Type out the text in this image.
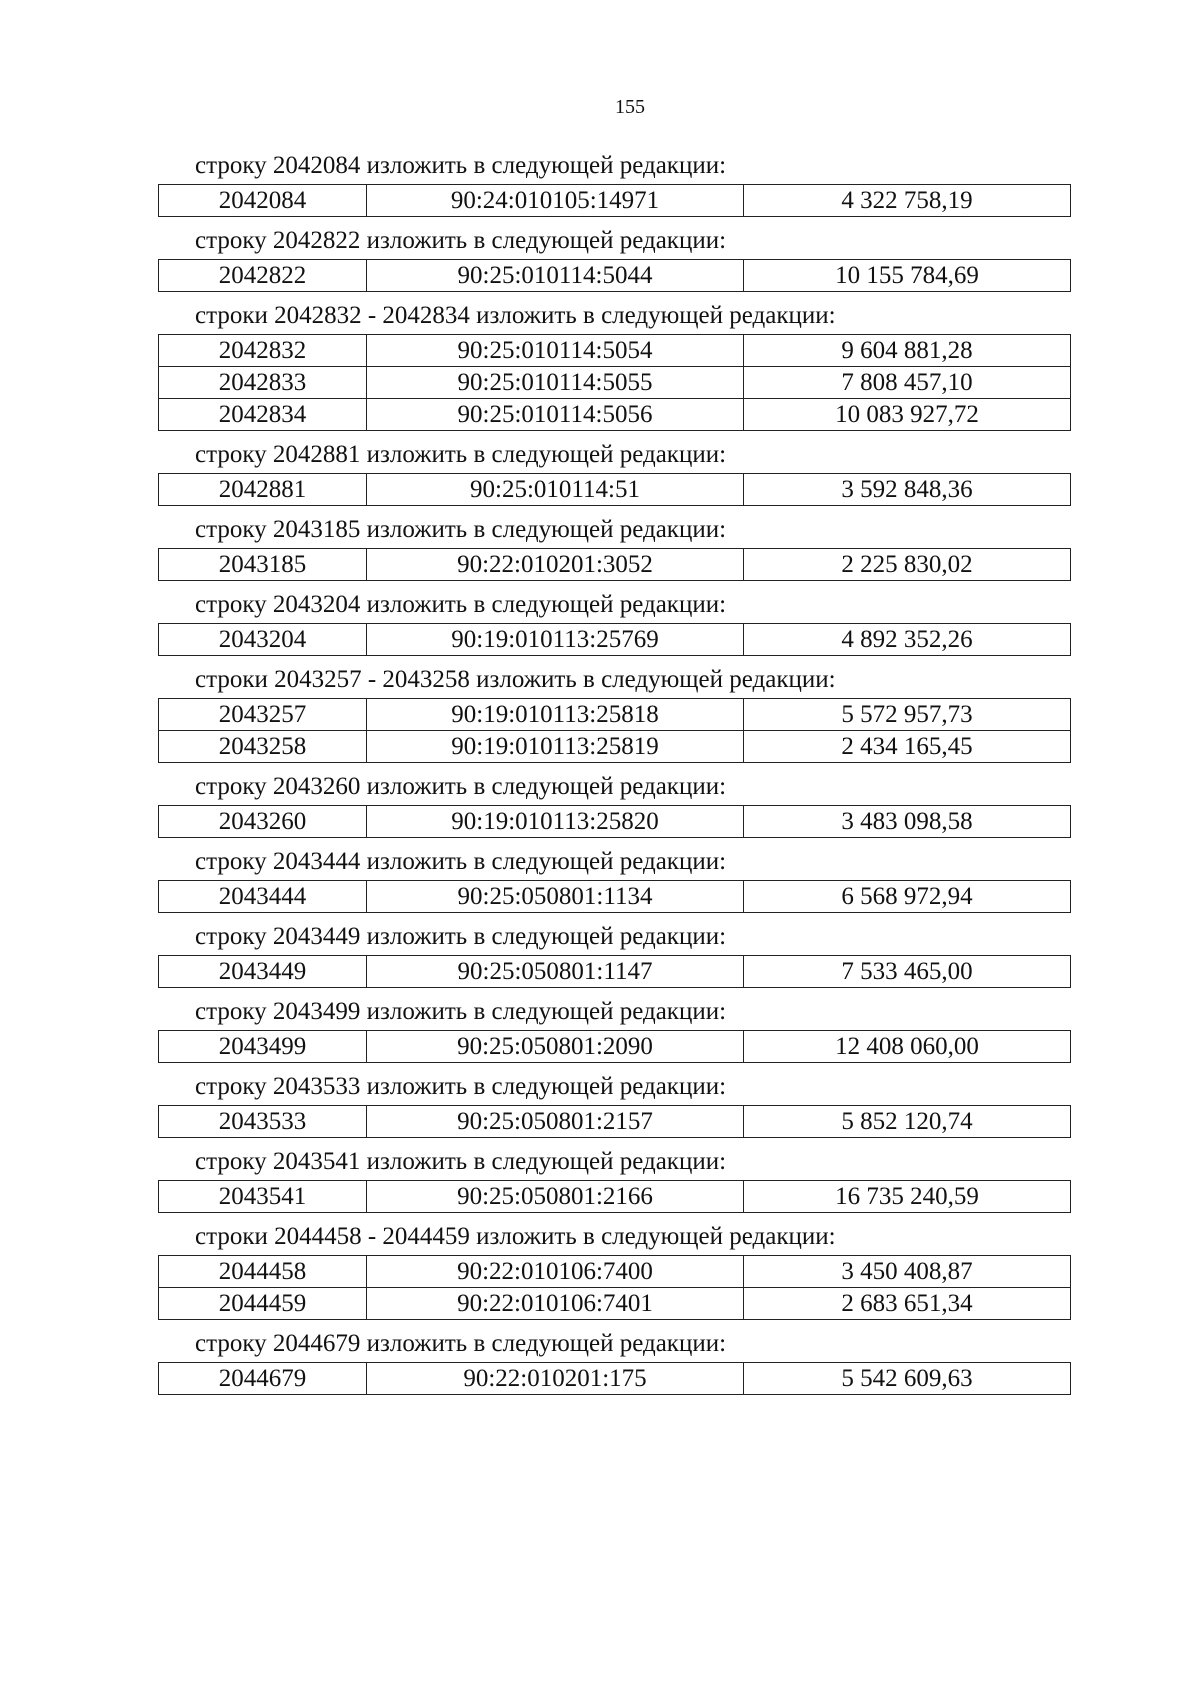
155
строку 2042084 изложить в следующей редакции:
2042084	90:24:010105:14971	4 322 758,19
строку 2042822 изложить в следующей редакции:
2042822	90:25:010114:5044	10 155 784,69
строки 2042832 - 2042834 изложить в следующей редакции:
2042832	90:25:010114:5054	9 604 881,28
2042833	90:25:010114:5055	7 808 457,10
2042834	90:25:010114:5056	10 083 927,72
строку 2042881 изложить в следующей редакции:
2042881	90:25:010114:51	3 592 848,36
строку 2043185 изложить в следующей редакции:
2043185	90:22:010201:3052	2 225 830,02
строку 2043204 изложить в следующей редакции:
2043204	90:19:010113:25769	4 892 352,26
строки 2043257 - 2043258 изложить в следующей редакции:
2043257	90:19:010113:25818	5 572 957,73
2043258	90:19:010113:25819	2 434 165,45
строку 2043260 изложить в следующей редакции:
2043260	90:19:010113:25820	3 483 098,58
строку 2043444 изложить в следующей редакции:
2043444	90:25:050801:1134	6 568 972,94
строку 2043449 изложить в следующей редакции:
2043449	90:25:050801:1147	7 533 465,00
строку 2043499 изложить в следующей редакции:
2043499	90:25:050801:2090	12 408 060,00
строку 2043533 изложить в следующей редакции:
2043533	90:25:050801:2157	5 852 120,74
строку 2043541 изложить в следующей редакции:
2043541	90:25:050801:2166	16 735 240,59
строки 2044458 - 2044459 изложить в следующей редакции:
2044458	90:22:010106:7400	3 450 408,87
2044459	90:22:010106:7401	2 683 651,34
строку 2044679 изложить в следующей редакции:
2044679	90:22:010201:175	5 542 609,63
